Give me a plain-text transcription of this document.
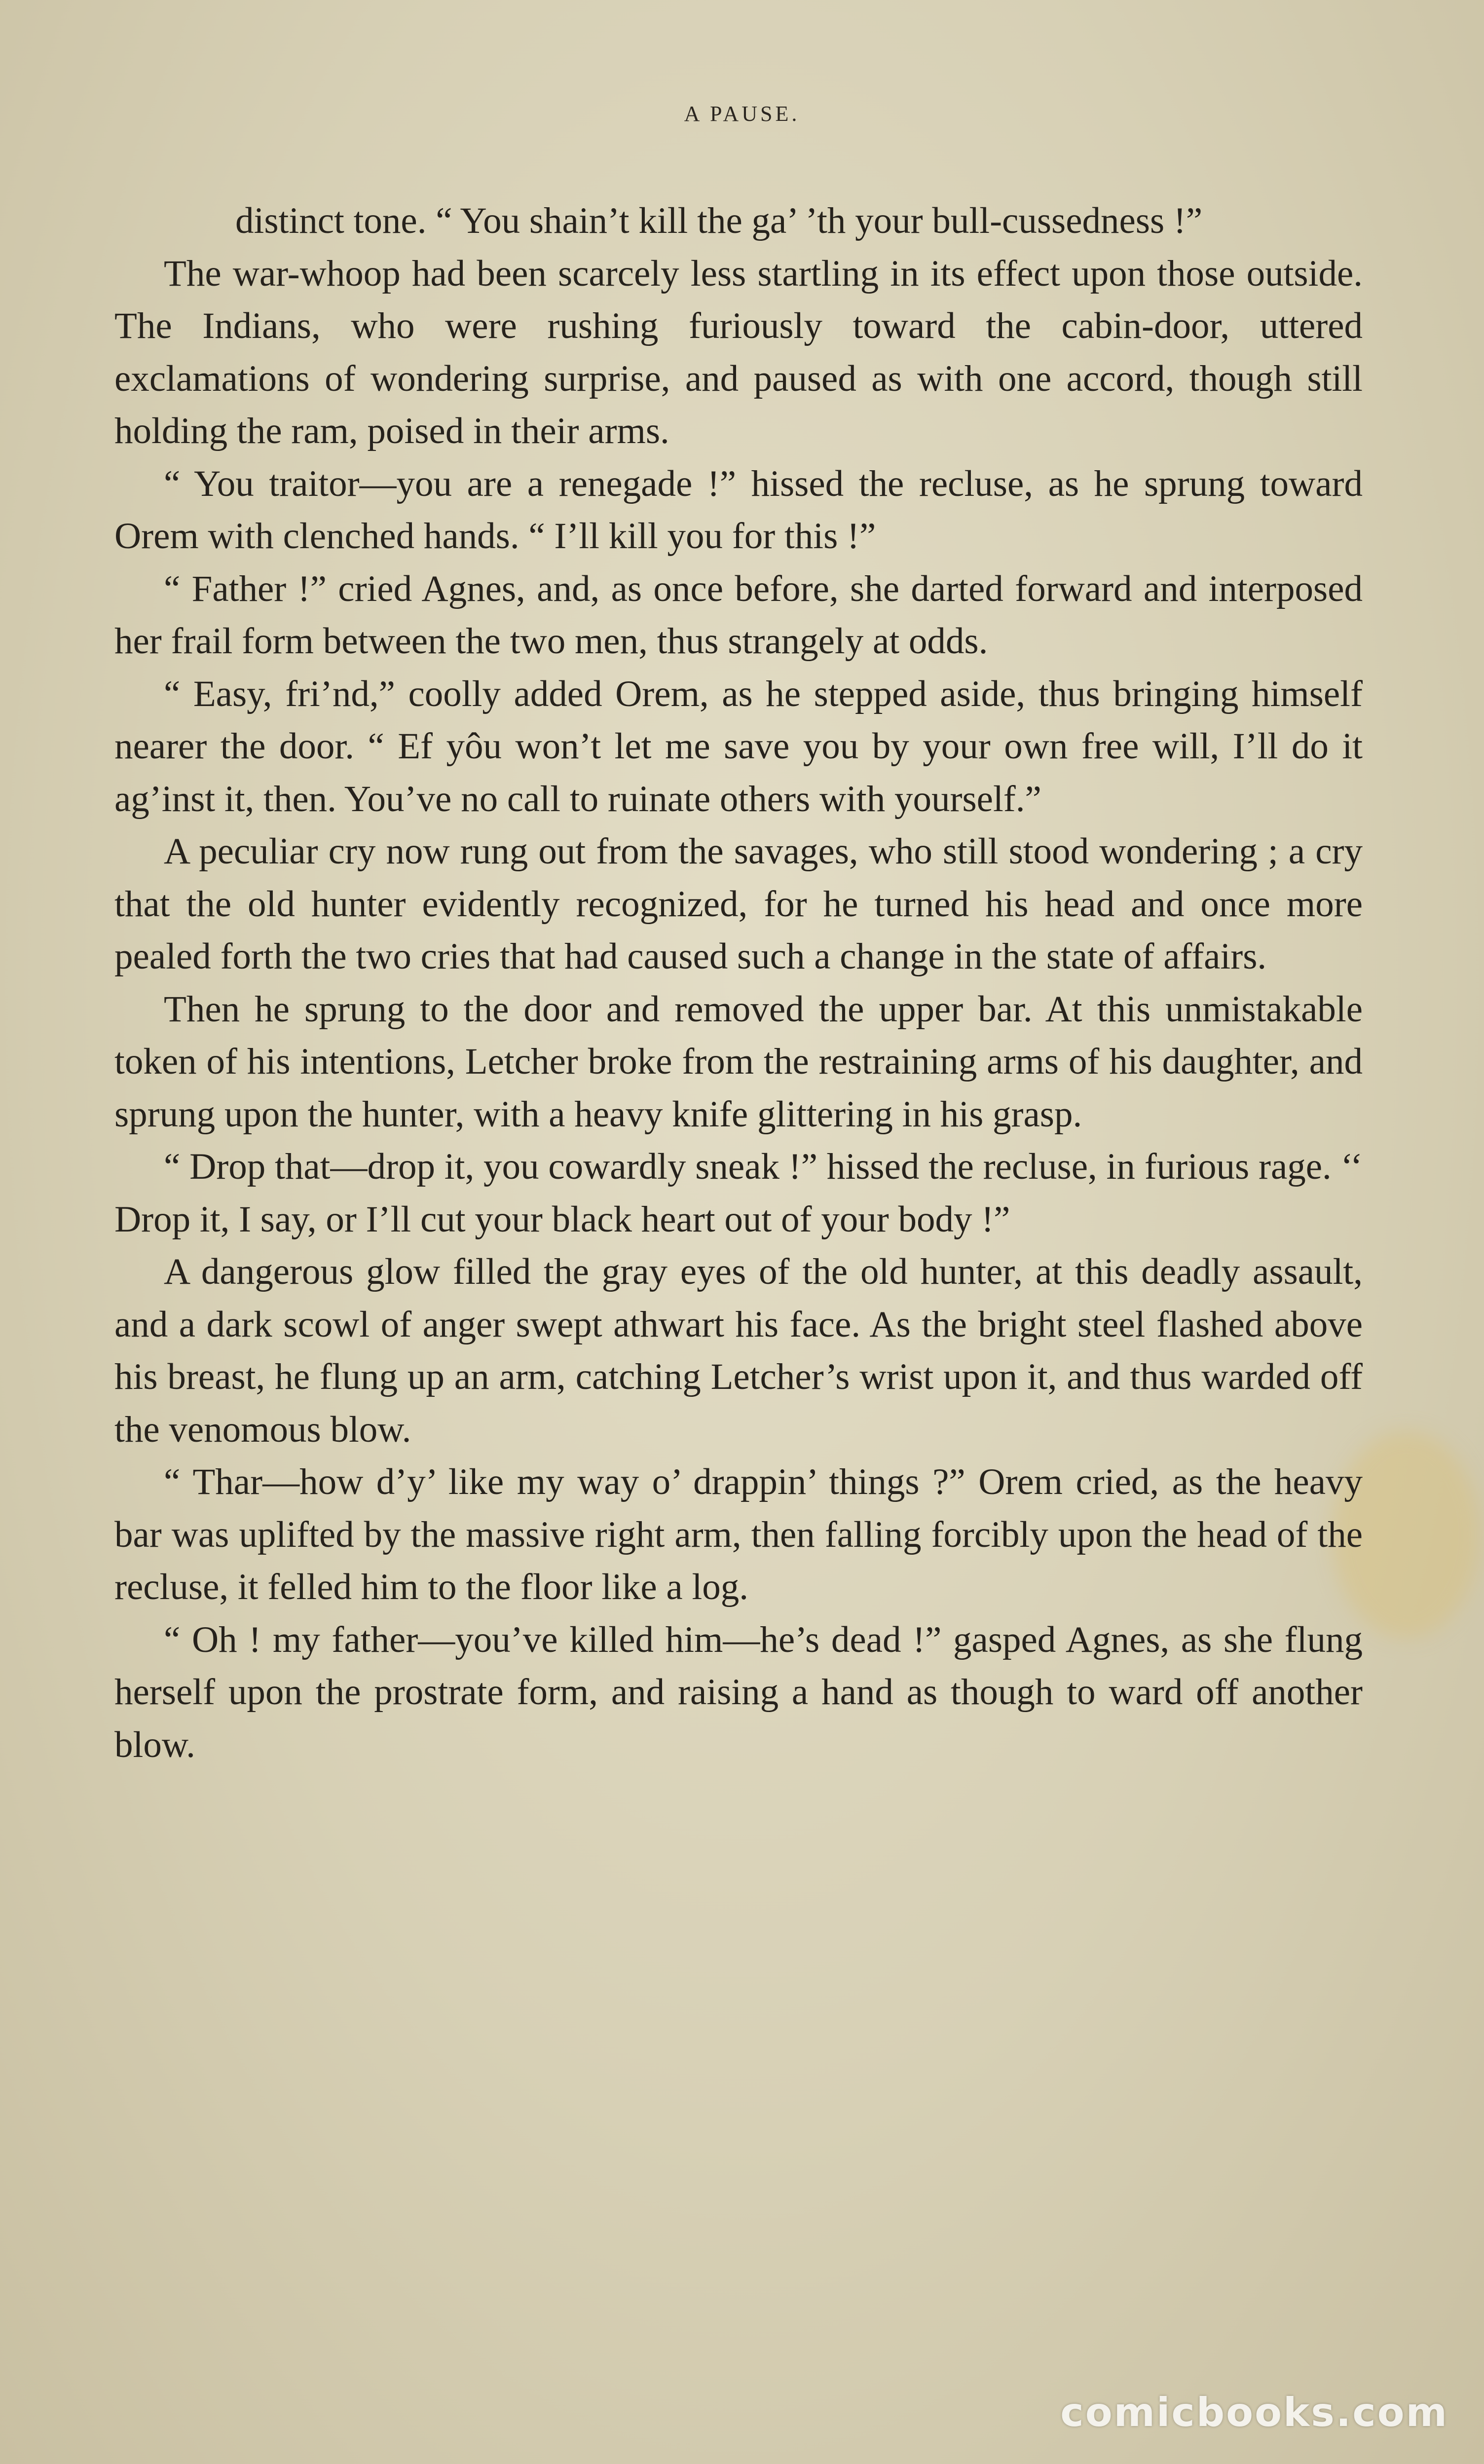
A PAUSE.

distinct tone. “ You shain’t kill the ga’ ’th your bull-cussedness !”

The war-whoop had been scarcely less startling in its effect upon those outside. The Indians, who were rushing furiously toward the cabin-door, uttered exclamations of wondering surprise, and paused as with one accord, though still holding the ram, poised in their arms.

“ You traitor—you are a renegade !” hissed the recluse, as he sprung toward Orem with clenched hands. “ I’ll kill you for this !”

“ Father !” cried Agnes, and, as once before, she darted forward and interposed her frail form between the two men, thus strangely at odds.

“ Easy, fri’nd,” coolly added Orem, as he stepped aside, thus bringing himself nearer the door. “ Ef yôu won’t let me save you by your own free will, I’ll do it ag’inst it, then. You’ve no call to ruinate others with yourself.”

A peculiar cry now rung out from the savages, who still stood wondering ; a cry that the old hunter evidently recognized, for he turned his head and once more pealed forth the two cries that had caused such a change in the state of affairs.

Then he sprung to the door and removed the upper bar. At this unmistakable token of his intentions, Letcher broke from the restraining arms of his daughter, and sprung upon the hunter, with a heavy knife glittering in his grasp.

“ Drop that—drop it, you cowardly sneak !” hissed the recluse, in furious rage. ‘‘ Drop it, I say, or I’ll cut your black heart out of your body !”

A dangerous glow filled the gray eyes of the old hunter, at this deadly assault, and a dark scowl of anger swept athwart his face. As the bright steel flashed above his breast, he flung up an arm, catching Letcher’s wrist upon it, and thus warded off the venomous blow.

“ Thar—how d’y’ like my way o’ drappin’ things ?” Orem cried, as the heavy bar was uplifted by the massive right arm, then falling forcibly upon the head of the recluse, it felled him to the floor like a log.

“ Oh ! my father—you’ve killed him—he’s dead !” gasped Agnes, as she flung herself upon the prostrate form, and raising a hand as though to ward off another blow.

comicbooks.com
